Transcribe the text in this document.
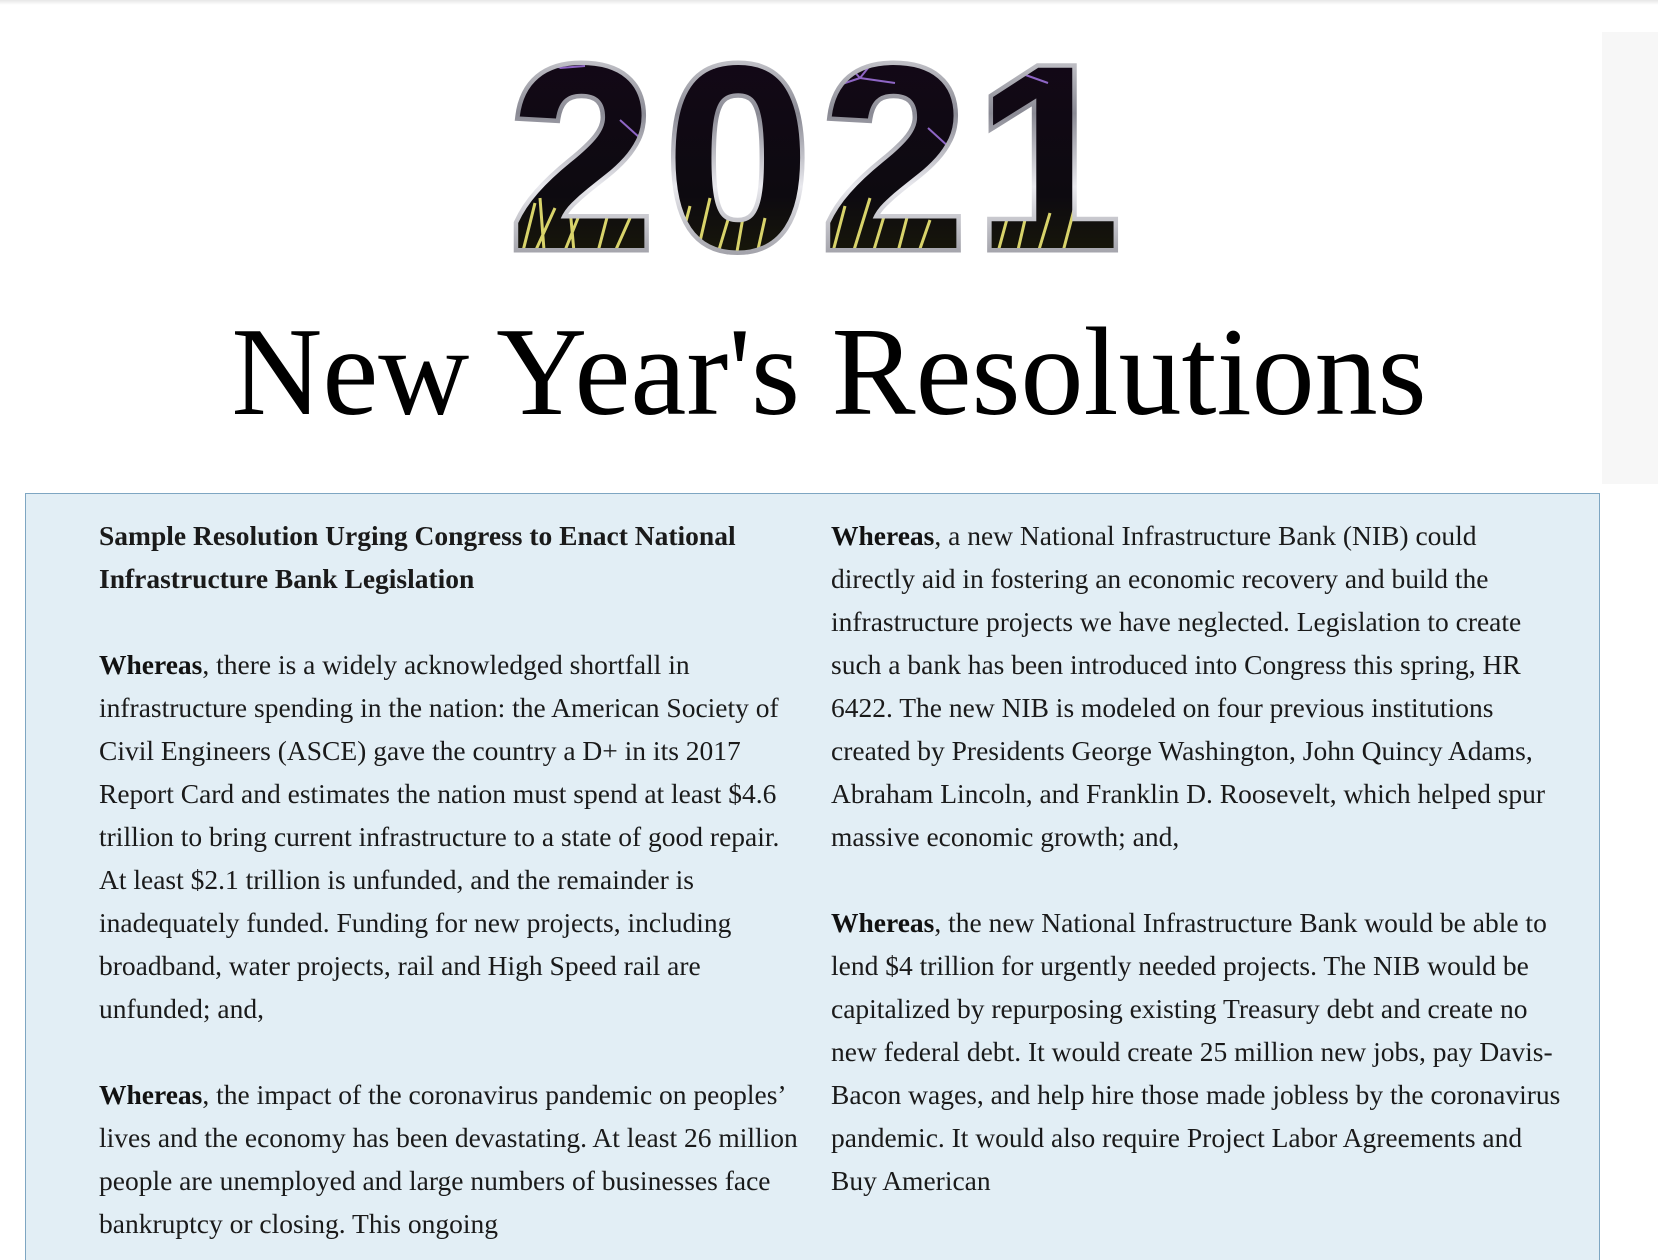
2 0 2 1
2021
New Year's Resolutions

Sample Resolution Urging Congress to Enact National Infrastructure Bank Legislation

Whereas, there is a widely acknowledged shortfall in infrastructure spending in the nation: the American Society of Civil Engineers (ASCE) gave the country a D+ in its 2017 Report Card and estimates the nation must spend at least $4.6 trillion to bring current infrastructure to a state of good repair. At least $2.1 trillion is unfunded, and the remainder is inadequately funded. Funding for new projects, including broadband, water projects, rail and High Speed rail are unfunded; and,

Whereas, the impact of the coronavirus pandemic on peoples’ lives and the economy has been devastating. At least 26 million people are unemployed and large numbers of businesses face bankruptcy or closing. This ongoing

Whereas, a new National Infrastructure Bank (NIB) could directly aid in fostering an economic recovery and build the infrastructure projects we have neglected. Legislation to create such a bank has been introduced into Congress this spring, HR 6422. The new NIB is modeled on four previous institutions created by Presidents George Washington, John Quincy Adams, Abraham Lincoln, and Franklin D. Roosevelt, which helped spur massive economic growth; and,

Whereas, the new National Infrastructure Bank would be able to lend $4 trillion for urgently needed projects. The NIB would be capitalized by repurposing existing Treasury debt and create no new federal debt. It would create 25 million new jobs, pay Davis-Bacon wages, and help hire those made jobless by the coronavirus pandemic. It would also require Project Labor Agreements and Buy American
